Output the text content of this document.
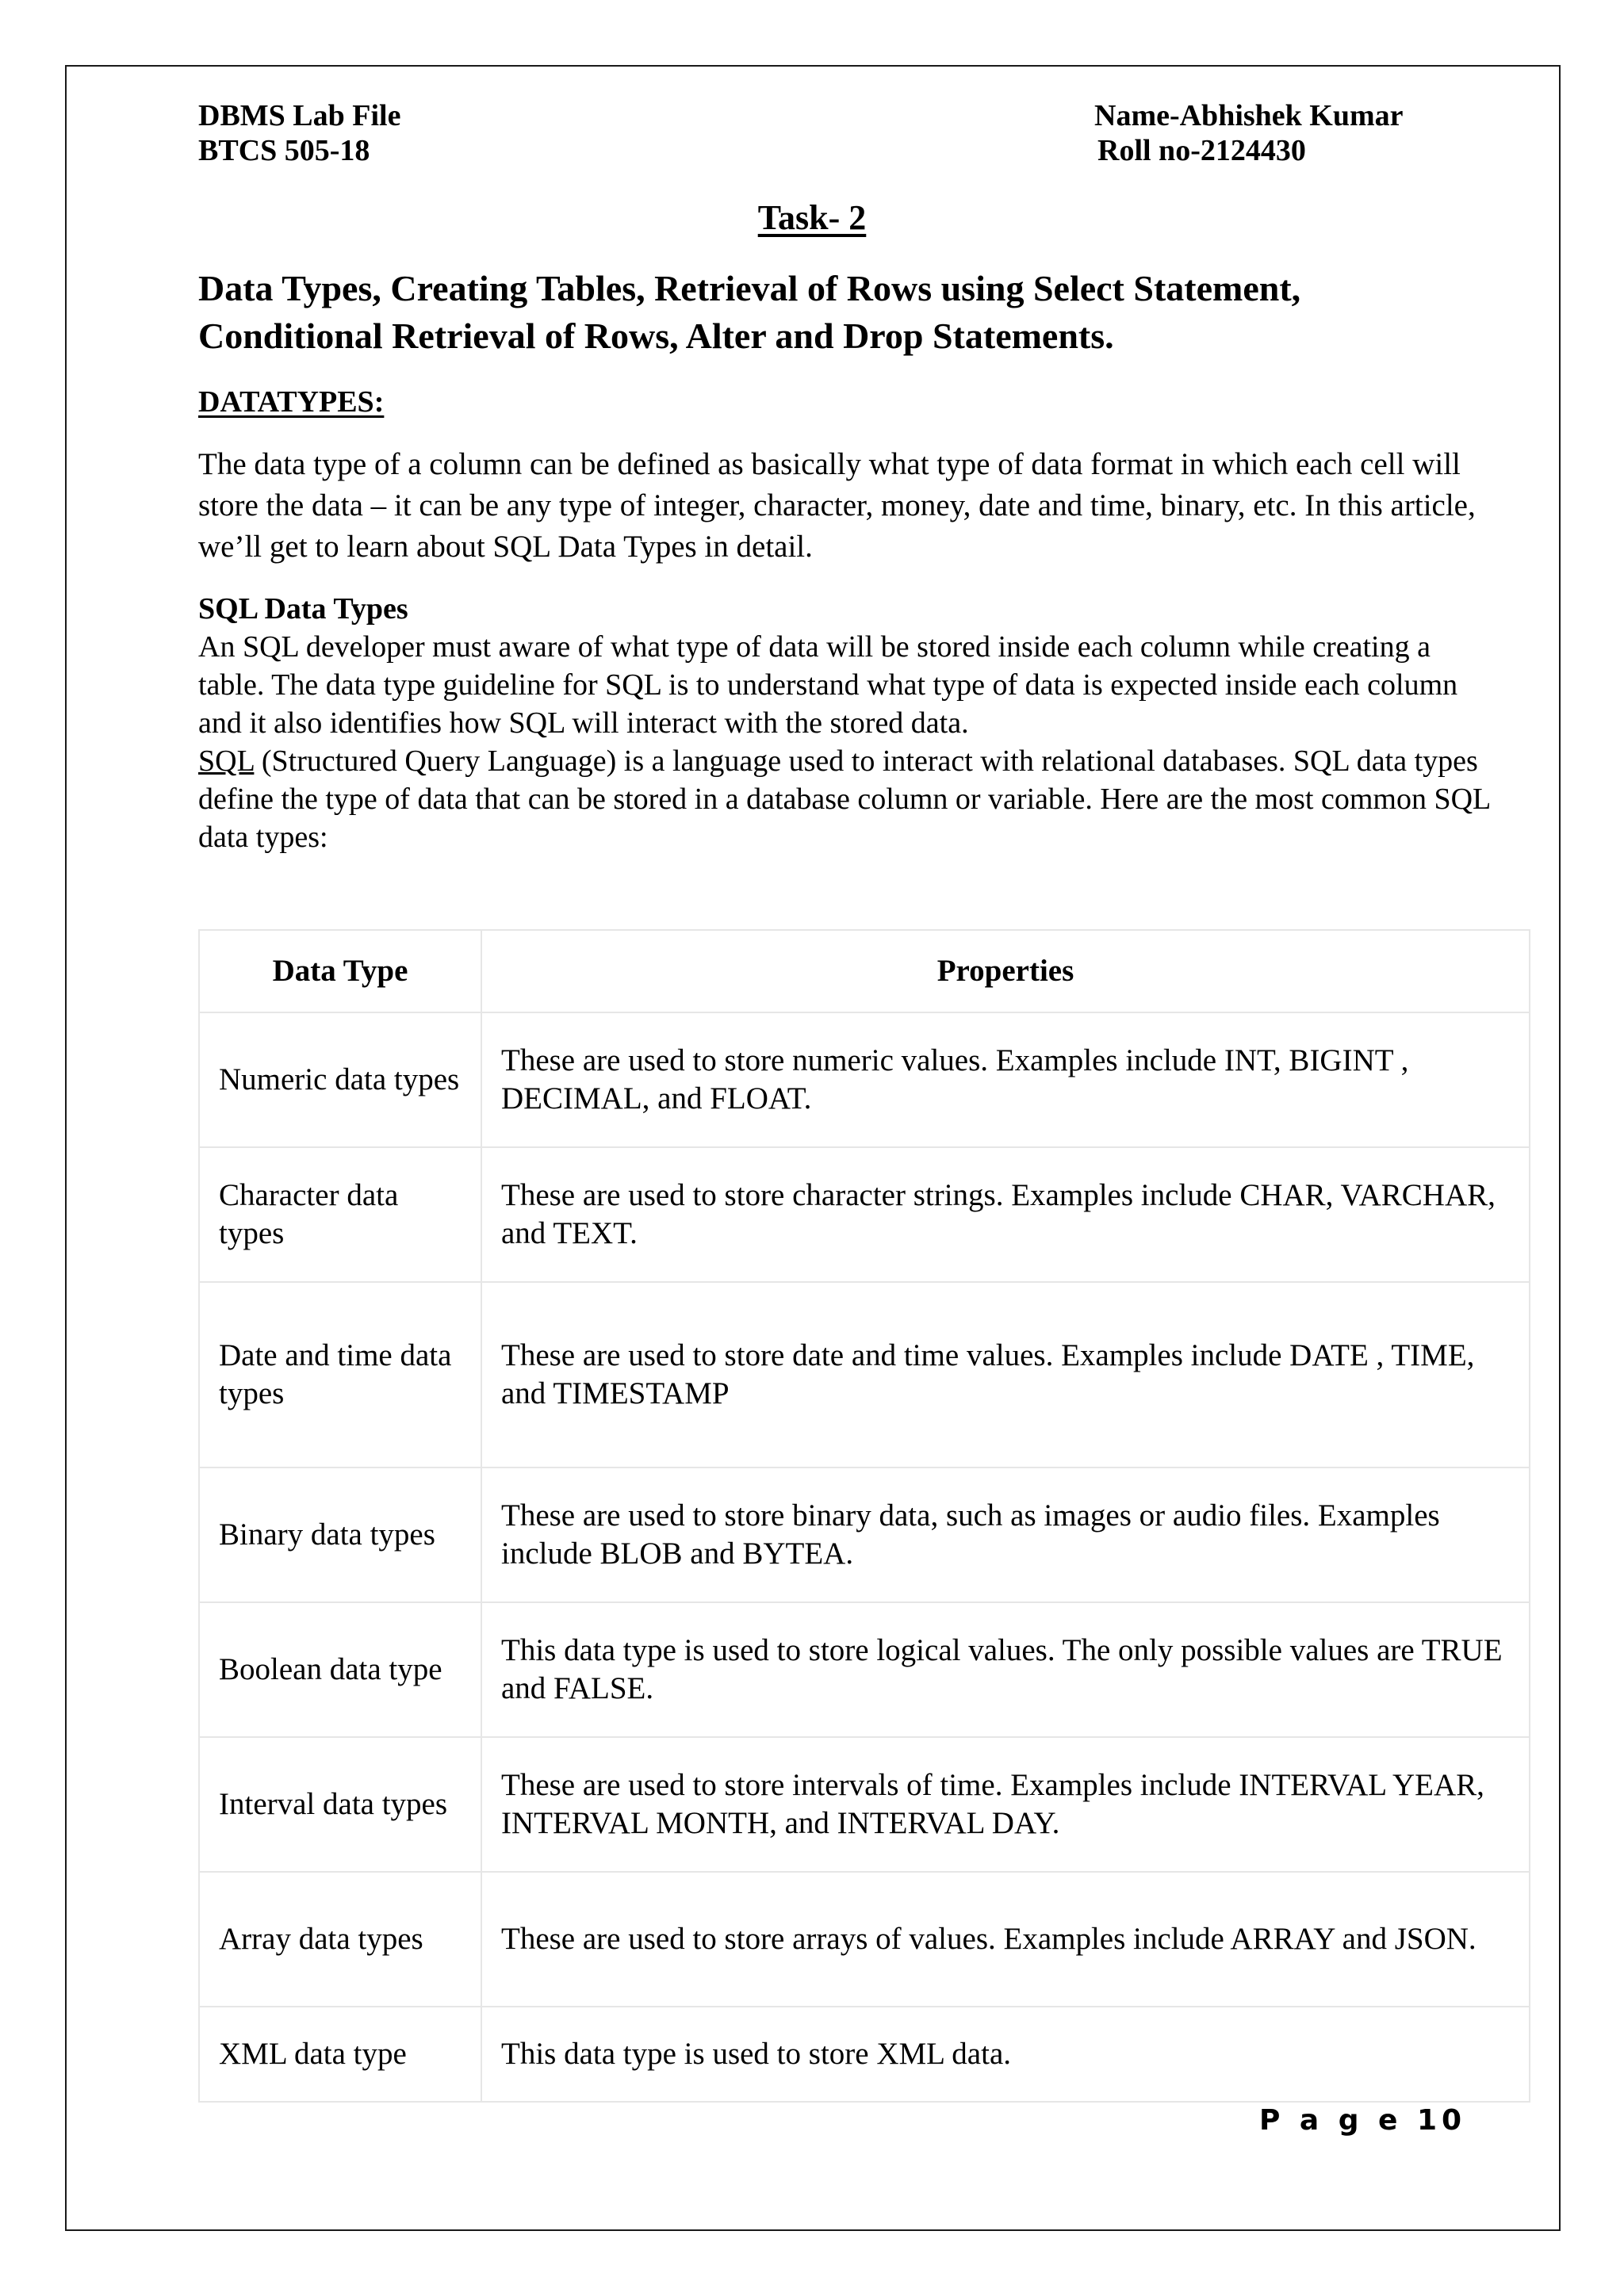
DBMS Lab File
BTCS 505-18
Name-Abhishek Kumar
Roll no-2124430
Task- 2
Data Types, Creating Tables, Retrieval of Rows using Select Statement, Conditional Retrieval of Rows, Alter and Drop Statements.
DATATYPES:
The data type of a column can be defined as basically what type of data format in which each cell will store the data – it can be any type of integer, character, money, date and time, binary, etc. In this article, we’ll get to learn about SQL Data Types in detail.
SQL Data Types
An SQL developer must aware of what type of data will be stored inside each column while creating a table. The data type guideline for SQL is to understand what type of data is expected inside each column and it also identifies how SQL will interact with the stored data.
SQL (Structured Query Language) is a language used to interact with relational databases. SQL data types define the type of data that can be stored in a database column or variable. Here are the most common SQL data types:
Data Type	Properties
Numeric data types	These are used to store numeric values. Examples include INT, BIGINT , DECIMAL, and FLOAT.
Character data types	These are used to store character strings. Examples include CHAR, VARCHAR, and TEXT.
Date and time data types	These are used to store date and time values. Examples include DATE , TIME, and TIMESTAMP
Binary data types	These are used to store binary data, such as images or audio files. Examples include BLOB and BYTEA.
Boolean data type	This data type is used to store logical values. The only possible values are TRUE and FALSE.
Interval data types	These are used to store intervals of time. Examples include INTERVAL YEAR, INTERVAL MONTH, and INTERVAL DAY.
Array data types	These are used to store arrays of values. Examples include ARRAY and JSON.
XML data type	This data type is used to store XML data.
P a g e 10
